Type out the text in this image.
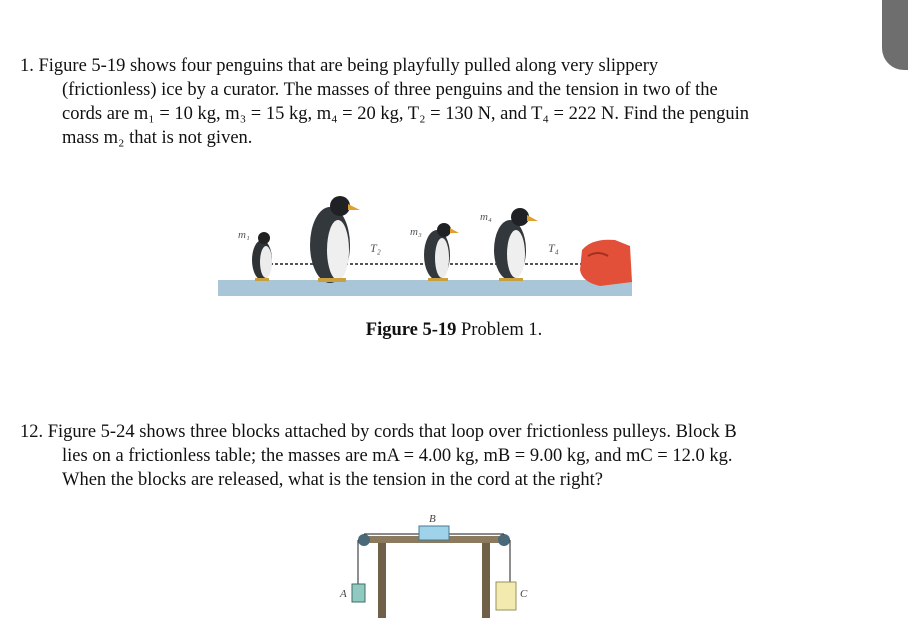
1. Figure 5-19 shows four penguins that are being playfully pulled along very slippery
(frictionless) ice by a curator. The masses of three penguins and the tension in two of the
cords are m₁ = 10 kg, m₃ = 15 kg, m₄ = 20 kg, T₂ = 130 N, and T₄ = 222 N. Find the penguin
mass m₂ that is not given.
m₁
T₂
m₃
m₄
T₄
Figure 5-19 Problem 1.
12. Figure 5-24 shows three blocks attached by cords that loop over frictionless pulleys. Block B
lies on a frictionless table; the masses are mA = 4.00 kg, mB = 9.00 kg, and mC = 12.0 kg.
When the blocks are released, what is the tension in the cord at the right?
B
A	C
